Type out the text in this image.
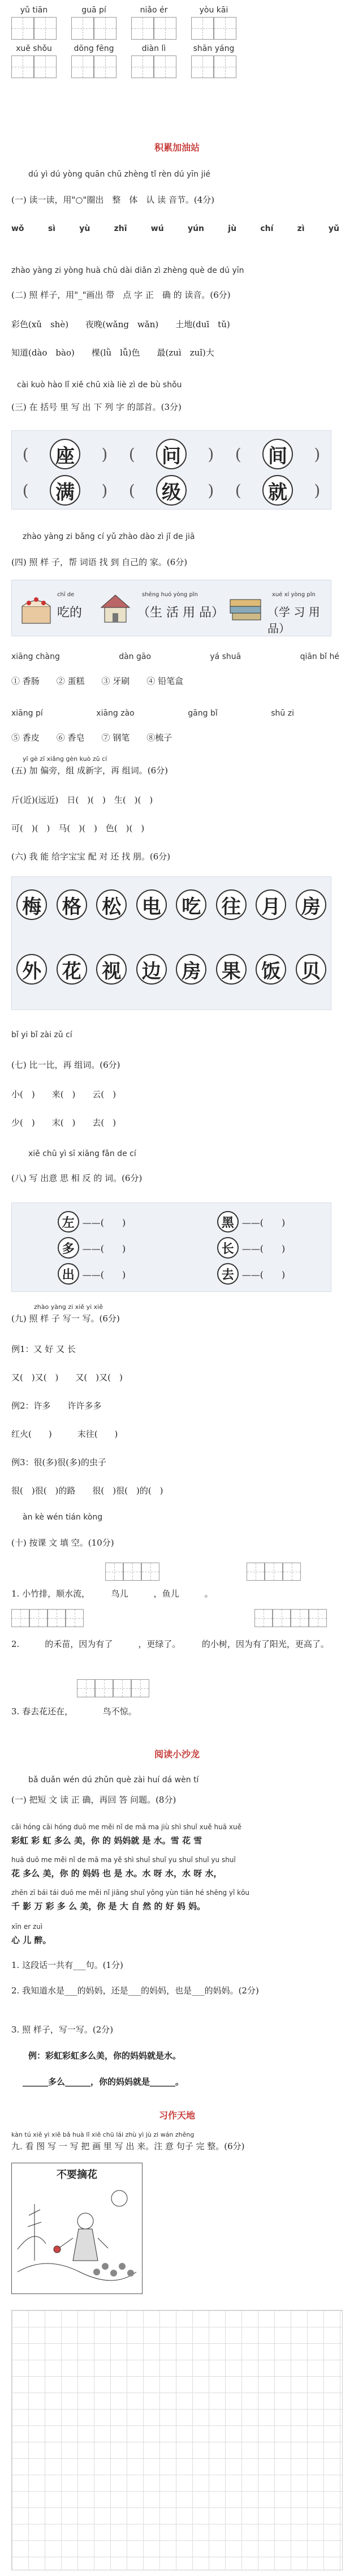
yǔ tiān	guā pí	niǎo ér	yòu kāi
xuě shǒu	dōng fēng	diàn lì	shān yáng
积累加油站
dú yì dú yòng quān chū zhèng tǐ rèn dú yīn jié
(一) 读一读，用"○"圈出　整　体　认 读 音节。(4分)
wǒ	sì	yù	zhī	wú	yún	jù	chí	zì	yǔ
zhào yàng zi yòng huà chū dài diǎn zì zhèng què de dú yīn
(二) 照 样子，用"_"画出 带　点 字 正　确 的 读音。(6分)
彩色(xǔ　shè)　　夜晚(wǎng　wǎn)　　土地(duī　tǔ)
知道(dào　bào)　　棵(lǜ　lǚ)色　　最(zuì　zuǐ)大
cài kuò hào lǐ xiě chū xià liè zì de bù shǒu
(三) 在 括号 里 写 出 下 列 字 的部首。(3分)
( 座	) ( 问	) ( 间	)
( 满	) ( 级	) ( 就	)
zhào yàng zi bǎng cí yǔ zhào dào zì jǐ de jiā
(四) 照 样 子，帮 词语 找 到 自己的 家。(6分)
chī de
吃的
shēng huó yòng pǐn
（生 活 用 品）
xué xí yòng pǐn
（学 习 用 品）
xiāng chàng	dàn gāo	yá shuā	qiān bǐ hé
① 香肠　　② 蛋糕　　③ 牙刷　　④ 铅笔盒
xiāng pí	xiāng zào	gāng bǐ	shū zi
⑤ 香皮　　⑥ 香皂　　⑦ 钢笔　　⑧梳子
yī gè zī xiǎnɡ ɡèn kuò zǔ cí
(五) 加 偏旁，组 成新字，再 组词。(6分)
斤(近)(远近)　日(　)(　)　生(　)(　)
可(　)(　)　马(　)(　)　色(　)(　)
(六) 我 能 给字宝宝 配 对 还 找 朋。(6分)
梅 格 松 电 吃 往 月 房
外 花 视 边 房 果 饭 贝
bǐ yi bǐ zài zǔ cí
(七) 比一比，再 组词。(6分)
小(　)　　来(　)　　云(　)
少(　)　　末(　)　　去(　)
xiě chū yì sī xiāng fǎn de cí
(八) 写 出意 思 相 反 的 词。(6分)
左 ——(　　)	黑 ——(　　)
多 ——(　　)	长 ——(　　)
出 ——(　　)	去 ——(　　)
zhào yàng zi xiě yi xiě
(九) 照 样 子 写一 写。(6分)
例1：又 好 又 长
又(　)又(　)　　又(　)又(　)
例2：许多　　许许多多
红火(　　)　　　末往(　　)
例3：很(多)很(多)的虫子
很(　)很(　)的路　　很(　)很(　)的(　)
àn kè wén tián kòng
(十) 按课 文 填 空。(10分)
1. 小竹排，顺水流，　　　鸟儿　　　，鱼儿　　　。
2.　　　的禾苗，因为有了　　　，更绿了。　　　的小树，因为有了阳光，更高了。
3. 春去花还在，　　　　鸟不惊。
阅读小沙龙
bǎ duǎn wén dú zhǔn què zài huí dá wèn tí
(一) 把短 文 读 正 确，再回 答 问题。(8分)
cǎi hóng cǎi hóng duō me měi nǐ de mā ma jiù shì shuǐ xuě huā xuě
彩虹 彩 虹 多么 美，你 的 妈妈就 是 水。雪 花 雪
huā duō me měi nǐ de mā ma yě shì shuǐ shuǐ yu shuǐ shuǐ yu shuǐ
花 多么 美，你 的 妈妈 也 是 水。水 呀 水，水 呀 水，
zhēn zī bái tái duō me měi nǐ jiāng shuǐ yǒng yùn tiān hé shēng yǐ kōu
千 影 万 彩 多 么 美，你 是 大 自 然 的 好 妈 妈。
xīn er zuì
心 儿 醉。
1. 这段话一共有___句。(1分)
2. 我知道水是___的妈妈，还是___的妈妈，也是___的妈妈。(2分)
3. 照 样子，写一写。(2分)
例：彩虹彩虹多么美，你的妈妈就是水。
______多么______，你的妈妈就是______。
习作天地
kàn tú xiě yì xiě bǎ huà lǐ xiě chū lái zhù yì jù zi wán zhěng
九. 看 图 写 一 写 把 画 里 写 出 来。注 意 句子 完 整。(6分)
不要摘花
